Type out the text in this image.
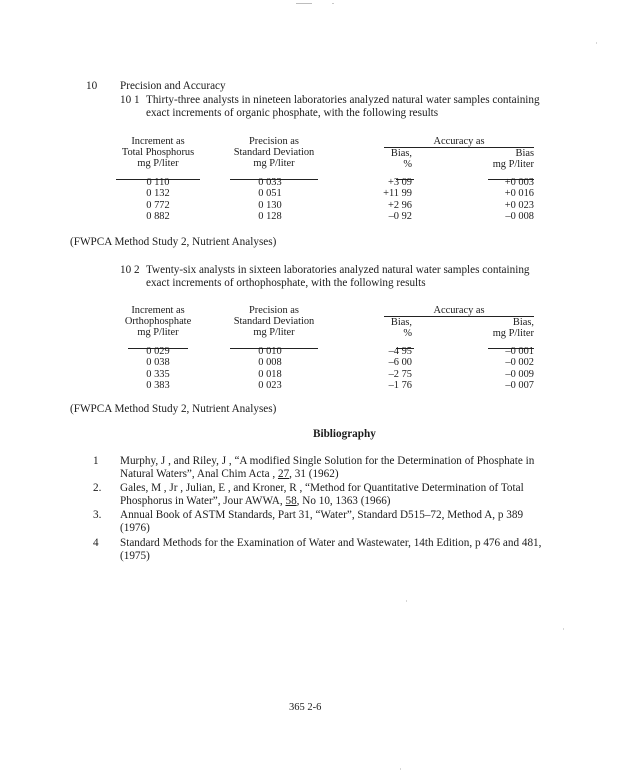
10 Precision and Accuracy
10 1 Thirty-three analysts in nineteen laboratories analyzed natural water samples containing
exact increments of organic phosphate, with the following results
Increment as
Total Phosphorus
mg P/liter
Precision as
Standard Deviation
mg P/liter
Accuracy as
Bias,
%
Bias
mg P/liter
0 110
0 132
0 772
0 882
0 033
0 051
0 130
0 128
+3 09
+11 99
+2 96
–0 92
+0 003
+0 016
+0 023
–0 008
(FWPCA Method Study 2, Nutrient Analyses)
10 2 Twenty-six analysts in sixteen laboratories analyzed natural water samples containing
exact increments of orthophosphate, with the following results
Increment as
Orthophosphate
mg P/liter
Precision as
Standard Deviation
mg P/liter
Accuracy as
Bias,
%
Bias,
mg P/liter
0 029
0 038
0 335
0 383
0 010
0 008
0 018
0 023
–4 95
–6 00
–2 75
–1 76
–0 001
–0 002
–0 009
–0 007
(FWPCA Method Study 2, Nutrient Analyses)
Bibliography
1 Murphy, J , and Riley, J , “A modified Single Solution for the Determination of Phosphate in
Natural Waters”, Anal Chim Acta , 27, 31 (1962)
2. Gales, M , Jr , Julian, E , and Kroner, R , “Method for Quantitative Determination of Total
Phosphorus in Water”, Jour AWWA, 58, No 10, 1363 (1966)
3. Annual Book of ASTM Standards, Part 31, “Water”, Standard D515–72, Method A, p 389
(1976)
4 Standard Methods for the Examination of Water and Wastewater, 14th Edition, p 476 and 481,
(1975)
365 2-6
